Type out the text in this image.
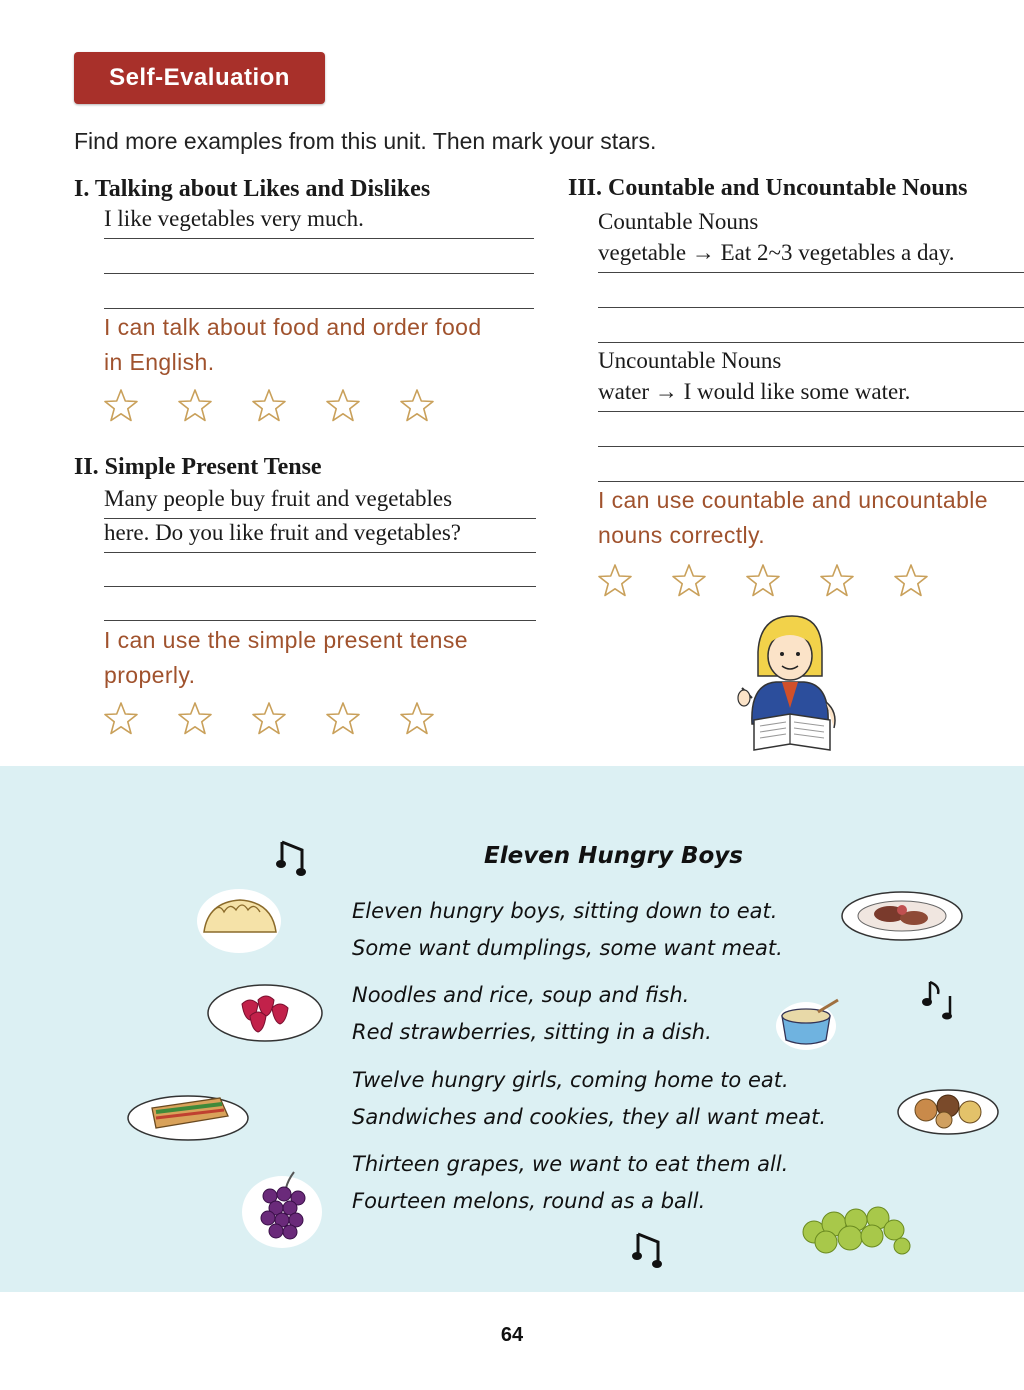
Self-Evaluation
Find more examples from this unit. Then mark your stars.
I. Talking about Likes and Dislikes
I like vegetables very much.
I can talk about food and order food
in English.
II. Simple Present Tense
Many people buy fruit and vegetables
here. Do you like fruit and vegetables?
I can use the simple present tense
properly.
III. Countable and Uncountable Nouns
Countable Nouns
vegetable → Eat 2~3 vegetables a day.
Uncountable Nouns
water → I would like some water.
I can use countable and uncountable
nouns correctly.
Eleven Hungry Boys
Eleven hungry boys, sitting down to eat.
Some want dumplings, some want meat.
Noodles and rice, soup and fish.
Red strawberries, sitting in a dish.
Twelve hungry girls, coming home to eat.
Sandwiches and cookies, they all want meat.
Thirteen grapes, we want to eat them all.
Fourteen melons, round as a ball.
64
